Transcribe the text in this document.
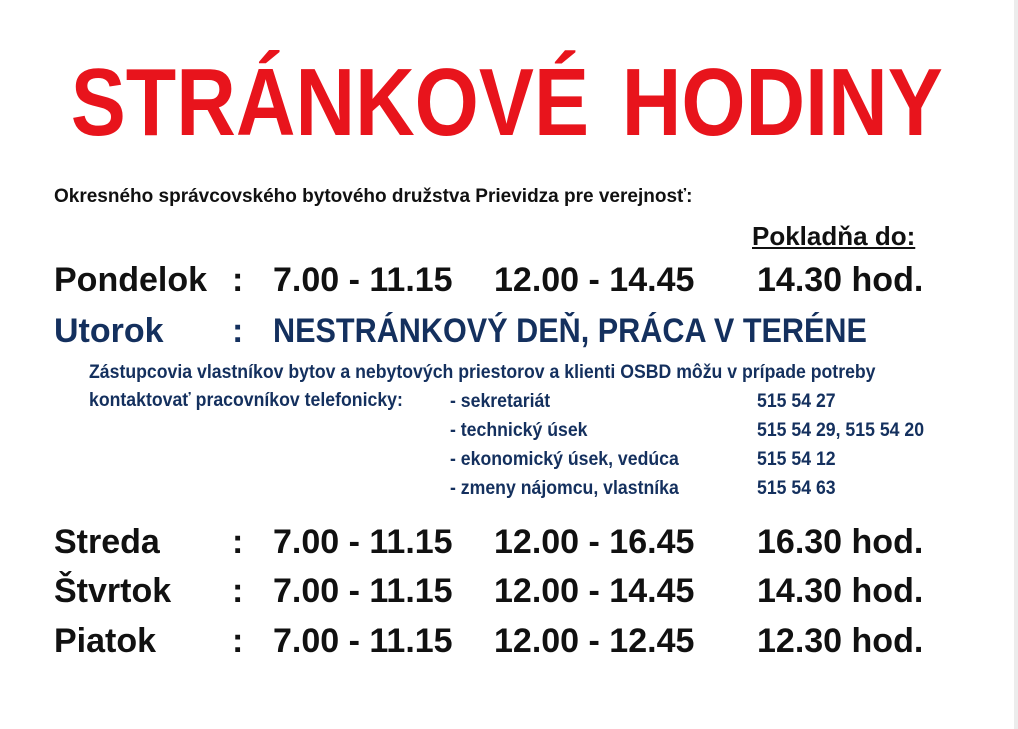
STRÁNKOVÉ HODINY
Okresného správcovského bytového družstva Prievidza pre verejnosť:
Pokladňa do:
Pondelok : 7.00 - 11.15 12.00 - 14.45 14.30 hod.
Utorok : NESTRÁNKOVÝ DEŇ, PRÁCA V TERÉNE
Zástupcovia vlastníkov bytov a nebytových priestorov a klienti OSBD môžu v prípade potreby
kontaktovať pracovníkov telefonicky: - sekretariát	515 54 27
- technický úsek	515 54 29, 515 54 20
- ekonomický úsek, vedúca	515 54 12
- zmeny nájomcu, vlastníka	515 54 63
Streda : 7.00 - 11.15 12.00 - 16.45 16.30 hod.
Štvrtok : 7.00 - 11.15 12.00 - 14.45 14.30 hod.
Piatok : 7.00 - 11.15 12.00 - 12.45 12.30 hod.
